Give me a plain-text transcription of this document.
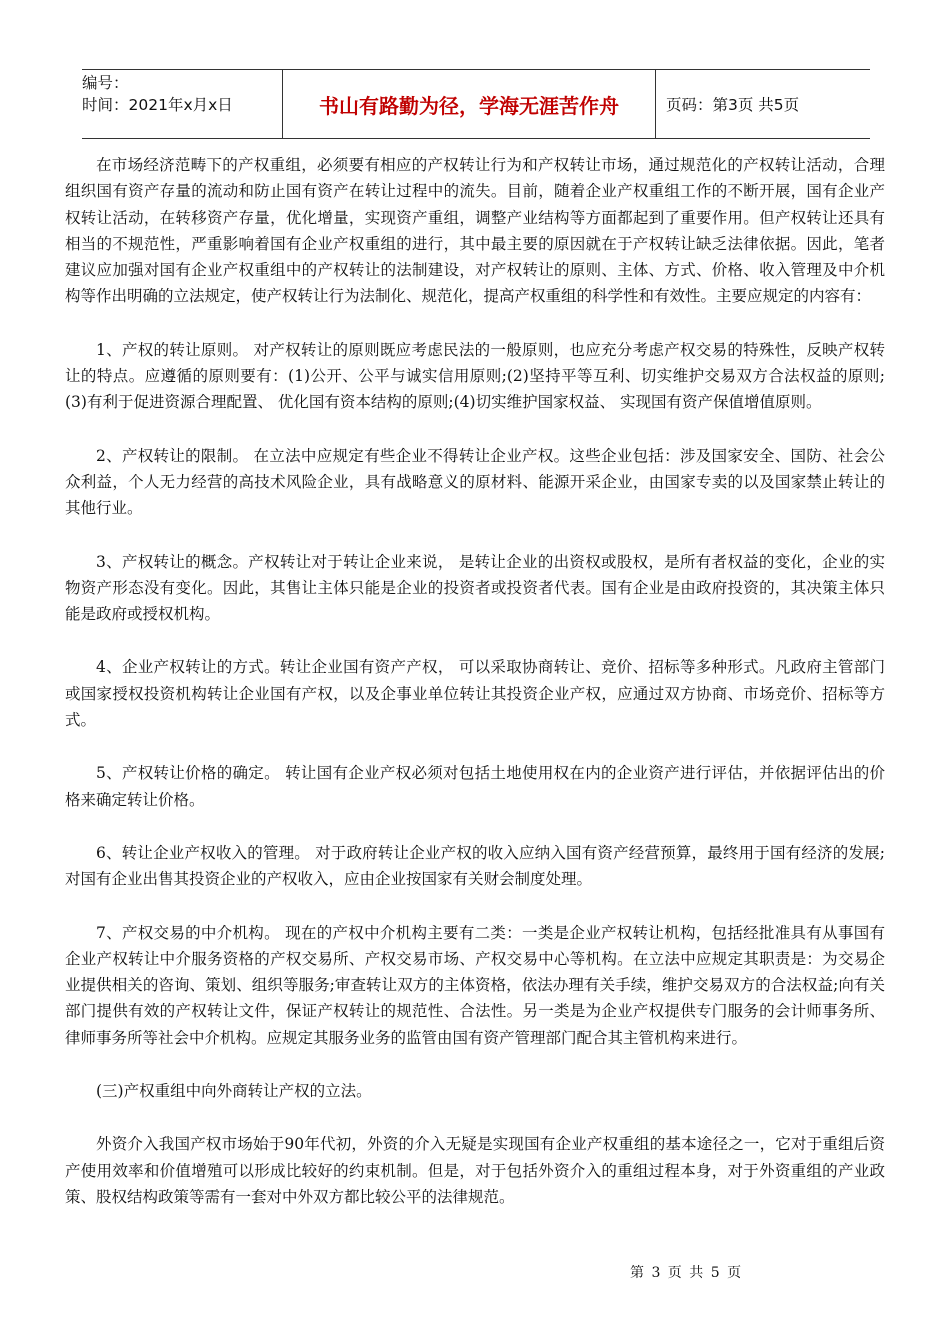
编号：
时间：2021年x月x日	书山有路勤为径，学海无涯苦作舟	页码：第3页 共5页

在市场经济范畴下的产权重组，必须要有相应的产权转让行为和产权转让市场，通过规范化的产权转让活动，合理组织国有资产存量的流动和防止国有资产在转让过程中的流失。目前，随着企业产权重组工作的不断开展，国有企业产权转让活动，在转移资产存量，优化增量，实现资产重组，调整产业结构等方面都起到了重要作用。但产权转让还具有相当的不规范性，严重影响着国有企业产权重组的进行，其中最主要的原因就在于产权转让缺乏法律依据。因此，笔者建议应加强对国有企业产权重组中的产权转让的法制建设，对产权转让的原则、主体、方式、价格、收入管理及中介机构等作出明确的立法规定，使产权转让行为法制化、规范化，提高产权重组的科学性和有效性。主要应规定的内容有：

1、产权的转让原则。 对产权转让的原则既应考虑民法的一般原则，也应充分考虑产权交易的特殊性，反映产权转让的特点。应遵循的原则要有：(1)公开、公平与诚实信用原则;(2)坚持平等互利、切实维护交易双方合法权益的原则;(3)有利于促进资源合理配置、 优化国有资本结构的原则;(4)切实维护国家权益、 实现国有资产保值增值原则。

2、产权转让的限制。 在立法中应规定有些企业不得转让企业产权。这些企业包括：涉及国家安全、国防、社会公众利益，个人无力经营的高技术风险企业，具有战略意义的原材料、能源开采企业，由国家专卖的以及国家禁止转让的其他行业。

3、产权转让的概念。产权转让对于转让企业来说， 是转让企业的出资权或股权，是所有者权益的变化，企业的实物资产形态没有变化。因此，其售让主体只能是企业的投资者或投资者代表。国有企业是由政府投资的，其决策主体只能是政府或授权机构。

4、企业产权转让的方式。转让企业国有资产产权， 可以采取协商转让、竞价、招标等多种形式。凡政府主管部门或国家授权投资机构转让企业国有产权，以及企事业单位转让其投资企业产权，应通过双方协商、市场竞价、招标等方式。

5、产权转让价格的确定。 转让国有企业产权必须对包括土地使用权在内的企业资产进行评估，并依据评估出的价格来确定转让价格。

6、转让企业产权收入的管理。 对于政府转让企业产权的收入应纳入国有资产经营预算，最终用于国有经济的发展;对国有企业出售其投资企业的产权收入，应由企业按国家有关财会制度处理。

7、产权交易的中介机构。 现在的产权中介机构主要有二类：一类是企业产权转让机构，包括经批准具有从事国有企业产权转让中介服务资格的产权交易所、产权交易市场、产权交易中心等机构。在立法中应规定其职责是：为交易企业提供相关的咨询、策划、组织等服务;审查转让双方的主体资格，依法办理有关手续，维护交易双方的合法权益;向有关部门提供有效的产权转让文件，保证产权转让的规范性、合法性。另一类是为企业产权提供专门服务的会计师事务所、律师事务所等社会中介机构。应规定其服务业务的监管由国有资产管理部门配合其主管机构来进行。

(三)产权重组中向外商转让产权的立法。

外资介入我国产权市场始于90年代初，外资的介入无疑是实现国有企业产权重组的基本途径之一，它对于重组后资产使用效率和价值增殖可以形成比较好的约束机制。但是，对于包括外资介入的重组过程本身，对于外资重组的产业政策、股权结构政策等需有一套对中外双方都比较公平的法律规范。

第 3 页 共 5 页
